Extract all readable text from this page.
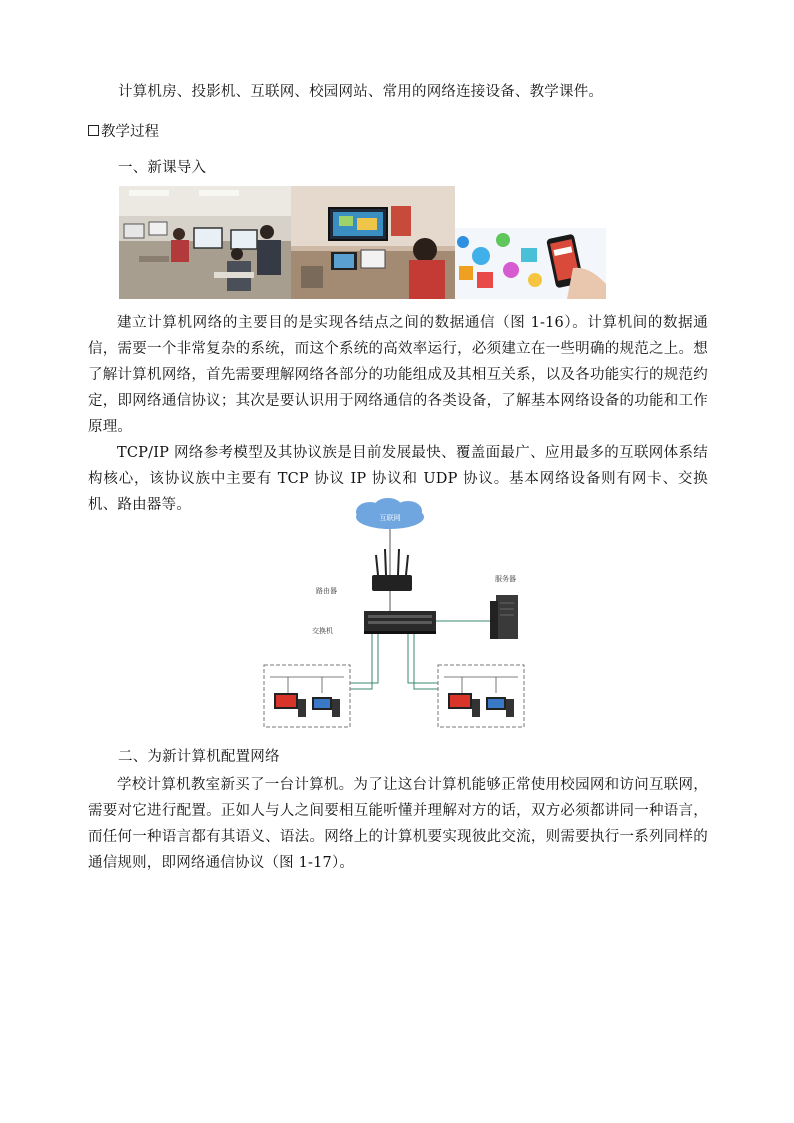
计算机房、投影机、互联网、校园网站、常用的网络连接设备、教学课件。
教学过程
一、新课导入
建立计算机网络的主要目的是实现各结点之间的数据通信（图 1-16）。计算机间的数据通信，需要一个非常复杂的系统，而这个系统的高效率运行，必须建立在一些明确的规范之上。想了解计算机网络，首先需要理解网络各部分的功能组成及其相互关系，以及各功能实行的规范约定，即网络通信协议；其次是要认识用于网络通信的各类设备，了解基本网络设备的功能和工作原理。
TCP/IP 网络参考模型及其协议族是目前发展最快、覆盖面最广、应用最多的互联网体系结构核心，该协议族中主要有 TCP 协议 IP 协议和 UDP 协议。基本网络设备则有网卡、交换机、路由器等。
互联网
路由器
交换机
服务器
二、为新计算机配置网络
学校计算机教室新买了一台计算机。为了让这台计算机能够正常使用校园网和访问互联网，需要对它进行配置。正如人与人之间要相互能听懂并理解对方的话，双方必须都讲同一种语言，而任何一种语言都有其语义、语法。网络上的计算机要实现彼此交流，则需要执行一系列同样的通信规则，即网络通信协议（图 1-17）。
